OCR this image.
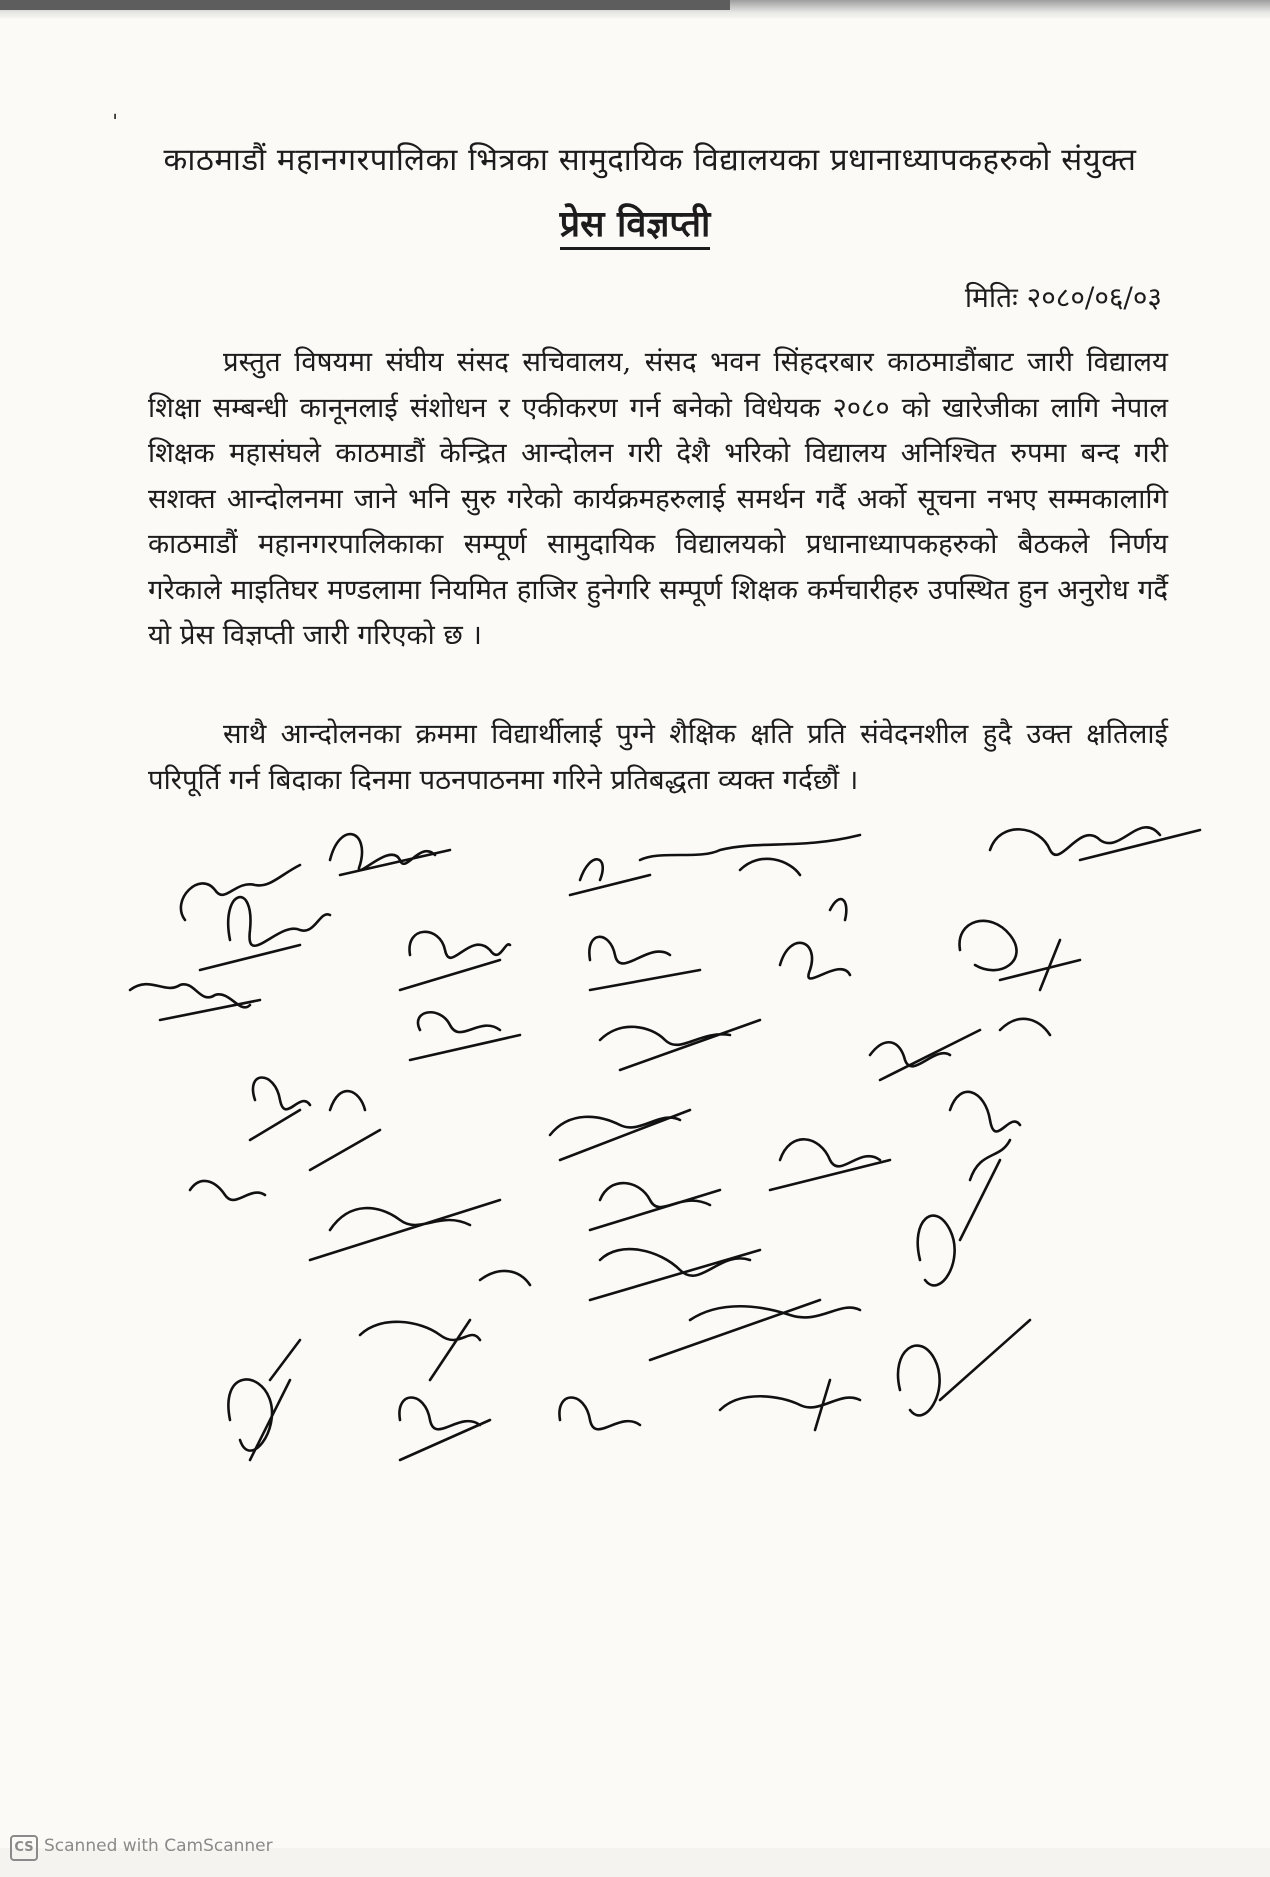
ˈ
काठमाडौं महानगरपालिका भित्रका सामुदायिक विद्यालयका प्रधानाध्यापकहरुको संयुक्त
प्रेस विज्ञप्ती
मितिः २०८०/०६/०३
प्रस्तुत विषयमा संघीय संसद सचिवालय, संसद भवन सिंहदरबार काठमाडौंबाट जारी विद्यालय शिक्षा सम्बन्धी कानूनलाई संशोधन र एकीकरण गर्न बनेको विधेयक २०८० को खारेजीका लागि नेपाल शिक्षक महासंघले काठमाडौं केन्द्रित आन्दोलन गरी देशै भरिको विद्यालय अनिश्चित रुपमा बन्द गरी सशक्त आन्दोलनमा जाने भनि सुरु गरेको कार्यक्रमहरुलाई समर्थन गर्दै अर्को सूचना नभए सम्मकालागि काठमाडौं महानगरपालिकाका सम्पूर्ण सामुदायिक विद्यालयको प्रधानाध्यापकहरुको बैठकले निर्णय गरेकाले माइतिघर मण्डलामा नियमित हाजिर हुनेगरि सम्पूर्ण शिक्षक कर्मचारीहरु उपस्थित हुन अनुरोध गर्दै यो प्रेस विज्ञप्ती जारी गरिएको छ ।
साथै आन्दोलनका क्रममा विद्यार्थीलाई पुग्ने शैक्षिक क्षति प्रति संवेदनशील हुदै उक्त क्षतिलाई परिपूर्ति गर्न बिदाका दिनमा पठनपाठनमा गरिने प्रतिबद्धता व्यक्त गर्दछौं ।
CS Scanned with CamScanner
